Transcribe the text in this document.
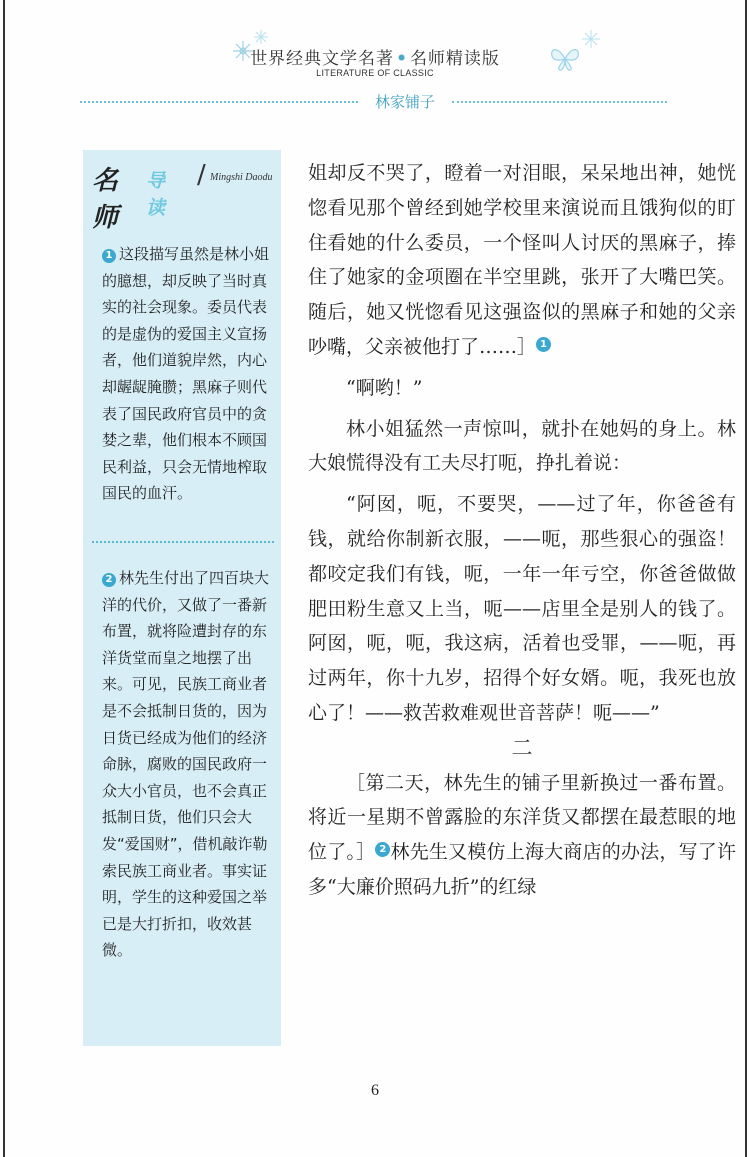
世界经典文学名著 • 名师精读版
LITERATURE OF CLASSIC
林家铺子
名师
导读
/ Mingshi Daodu
1 这段描写虽然是林小姐的臆想，却反映了当时真实的社会现象。委员代表的是虚伪的爱国主义宣扬者，他们道貌岸然，内心却龌龊腌臜；黑麻子则代表了国民政府官员中的贪婪之辈，他们根本不顾国民利益，只会无情地榨取国民的血汗。
2 林先生付出了四百块大洋的代价，又做了一番新布置，就将险遭封存的东洋货堂而皇之地摆了出来。可见，民族工商业者是不会抵制日货的，因为日货已经成为他们的经济命脉，腐败的国民政府一众大小官员，也不会真正抵制日货，他们只会大发“爱国财”，借机敲诈勒索民族工商业者。事实证明，学生的这种爱国之举已是大打折扣，收效甚微。

姐却反不哭了，瞪着一对泪眼，呆呆地出神，她恍惚看见那个曾经到她学校里来演说而且饿狗似的盯住看她的什么委员，一个怪叫人讨厌的黑麻子，捧住了她家的金项圈在半空里跳，张开了大嘴巴笑。随后，她又恍惚看见这强盗似的黑麻子和她的父亲吵嘴，父亲被他打了……］ 1

“啊哟！”

林小姐猛然一声惊叫，就扑在她妈的身上。林大娘慌得没有工夫尽打呃，挣扎着说：

“阿囡，呃，不要哭，——过了年，你爸爸有钱，就给你制新衣服，——呃，那些狠心的强盗！都咬定我们有钱，呃，一年一年亏空，你爸爸做做肥田粉生意又上当，呃——店里全是别人的钱了。阿囡，呃，呃，我这病，活着也受罪，——呃，再过两年，你十九岁，招得个好女婿。呃，我死也放心了！——救苦救难观世音菩萨！呃——”

二

［第二天，林先生的铺子里新换过一番布置。将近一星期不曾露脸的东洋货又都摆在最惹眼的地位了。］ 2 林先生又模仿上海大商店的办法，写了许多“大廉价照码九折”的红绿

6
